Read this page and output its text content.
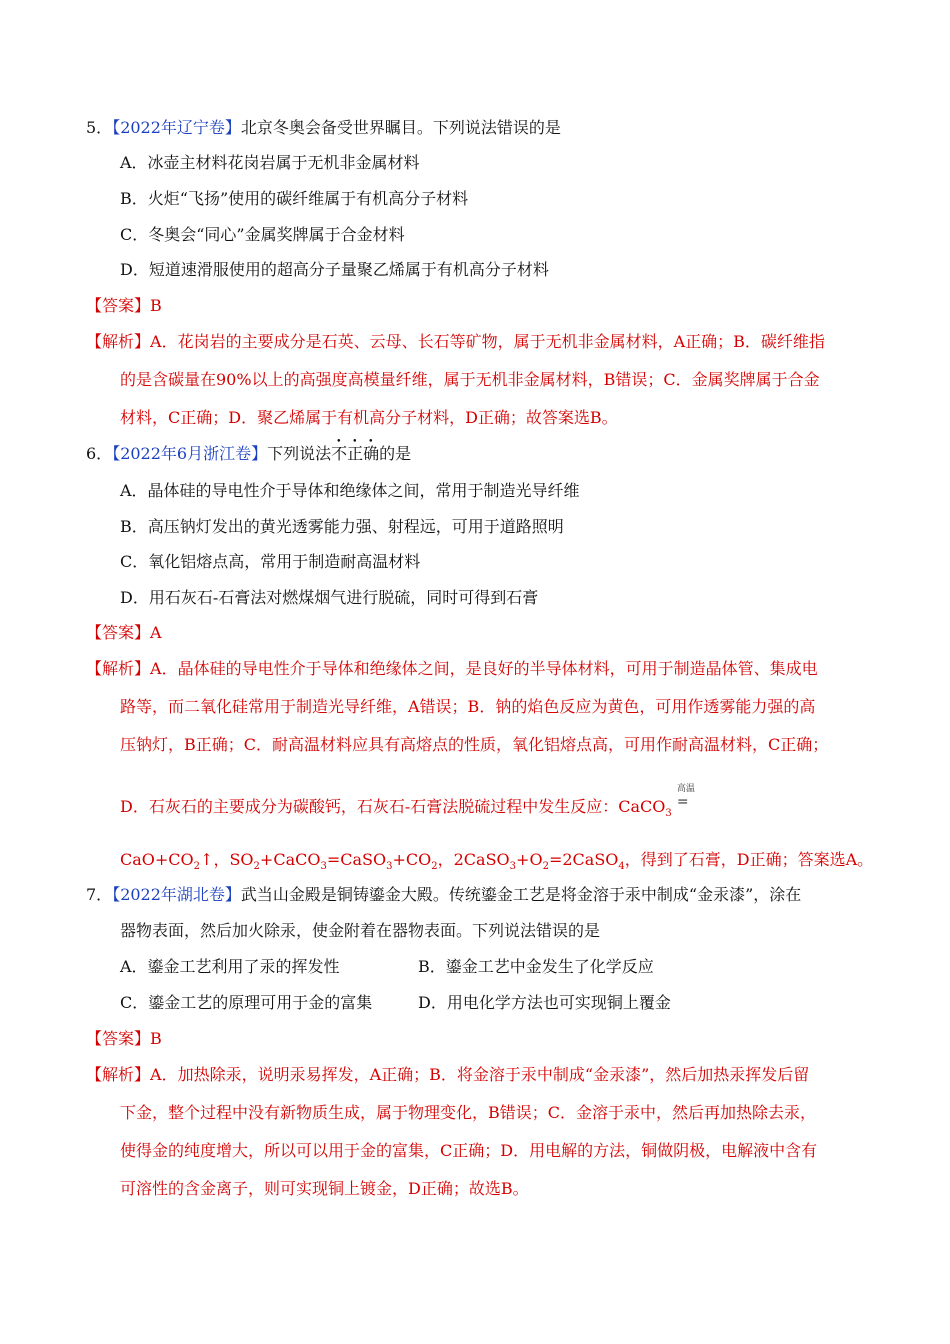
5．【2022年辽宁卷】北京冬奥会备受世界瞩目。下列说法错误的是
A．冰壶主材料花岗岩属于无机非金属材料
B．火炬“飞扬”使用的碳纤维属于有机高分子材料
C．冬奥会“同心”金属奖牌属于合金材料
D．短道速滑服使用的超高分子量聚乙烯属于有机高分子材料
【答案】B
【解析】A．花岗岩的主要成分是石英、云母、长石等矿物，属于无机非金属材料，A正确；B．碳纤维指
的是含碳量在90%以上的高强度高模量纤维，属于无机非金属材料，B错误；C．金属奖牌属于合金
材料，C正确；D．聚乙烯属于有机高分子材料，D正确；故答案选B。
6．【2022年6月浙江卷】下列说法不正确的是
A．晶体硅的导电性介于导体和绝缘体之间，常用于制造光导纤维
B．高压钠灯发出的黄光透雾能力强、射程远，可用于道路照明
C．氧化铝熔点高，常用于制造耐高温材料
D．用石灰石-石膏法对燃煤烟气进行脱硫，同时可得到石膏
【答案】A
【解析】A．晶体硅的导电性介于导体和绝缘体之间，是良好的半导体材料，可用于制造晶体管、集成电
路等，而二氧化硅常用于制造光导纤维，A错误；B．钠的焰色反应为黄色，可用作透雾能力强的高
压钠灯，B正确；C．耐高温材料应具有高熔点的性质，氧化铝熔点高，可用作耐高温材料，C正确；
D．石灰石的主要成分为碳酸钙，石灰石-石膏法脱硫过程中发生反应：CaCO$_3$
高温
=
$CaO+CO_2↑$，$SO_2+CaCO_3=CaSO_3+CO_2$，$2CaSO_3+O_2=2CaSO_4$，得到了石膏，D正确；答案选A。
7．【2022年湖北卷】武当山金殿是铜铸鎏金大殿。传统鎏金工艺是将金溶于汞中制成“金汞漆”，涂在
器物表面，然后加火除汞，使金附着在器物表面。下列说法错误的是
A．鎏金工艺利用了汞的挥发性	B．鎏金工艺中金发生了化学反应
C．鎏金工艺的原理可用于金的富集	D．用电化学方法也可实现铜上覆金
【答案】B
【解析】A．加热除汞，说明汞易挥发，A正确；B．将金溶于汞中制成“金汞漆”，然后加热汞挥发后留
下金，整个过程中没有新物质生成，属于物理变化，B错误；C．金溶于汞中，然后再加热除去汞，
使得金的纯度增大，所以可以用于金的富集，C正确；D．用电解的方法，铜做阴极，电解液中含有
可溶性的含金离子，则可实现铜上镀金，D正确；故选B。
